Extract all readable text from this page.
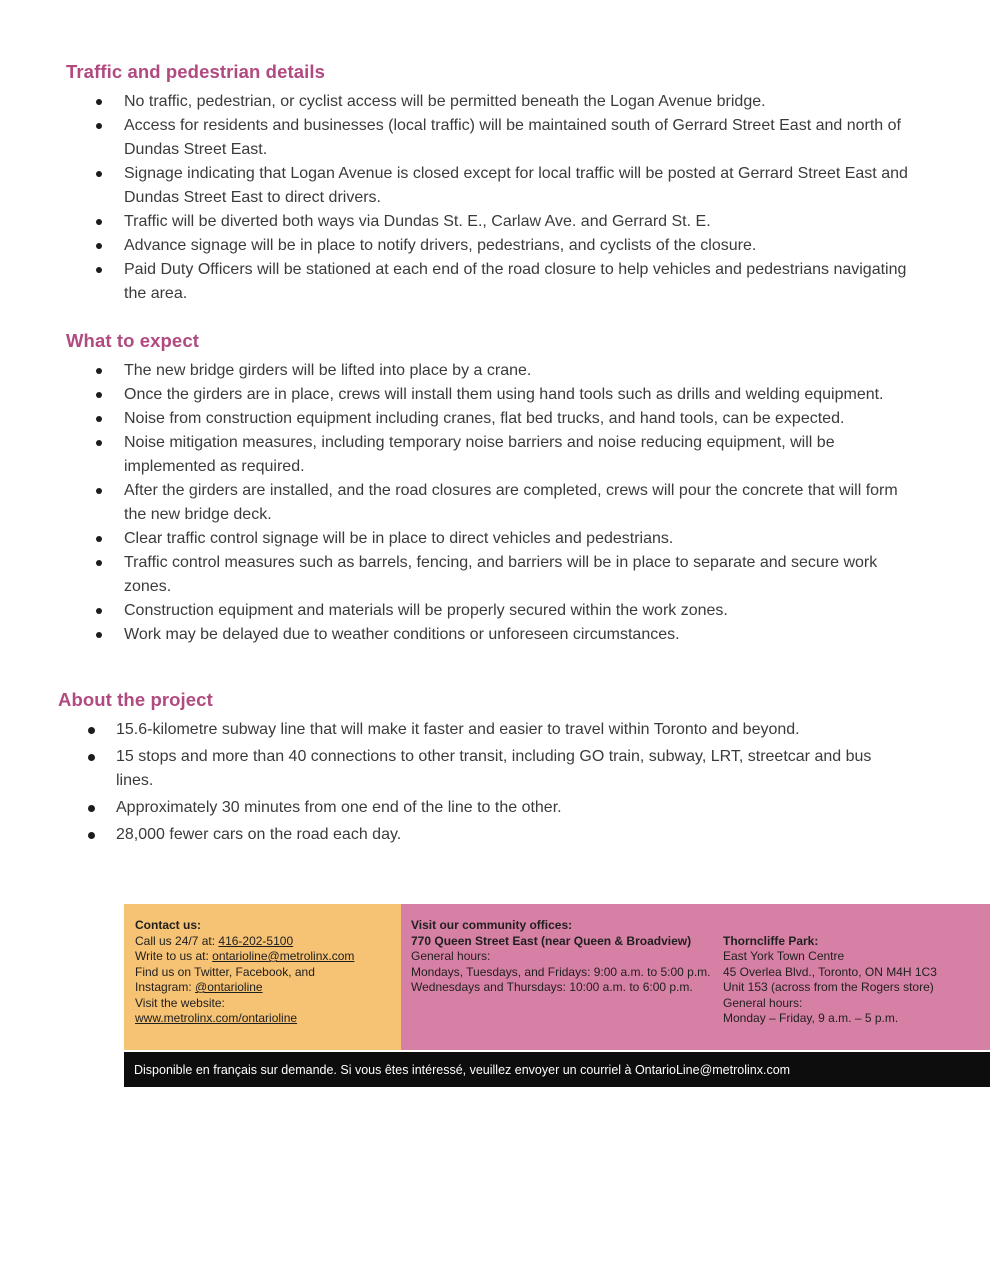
Traffic and pedestrian details
No traffic, pedestrian, or cyclist access will be permitted beneath the Logan Avenue bridge.
Access for residents and businesses (local traffic) will be maintained south of Gerrard Street East and north of Dundas Street East.
Signage indicating that Logan Avenue is closed except for local traffic will be posted at Gerrard Street East and Dundas Street East to direct drivers.
Traffic will be diverted both ways via Dundas St. E., Carlaw Ave. and Gerrard St. E.
Advance signage will be in place to notify drivers, pedestrians, and cyclists of the closure.
Paid Duty Officers will be stationed at each end of the road closure to help vehicles and pedestrians navigating the area.
What to expect
The new bridge girders will be lifted into place by a crane.
Once the girders are in place, crews will install them using hand tools such as drills and welding equipment.
Noise from construction equipment including cranes, flat bed trucks, and hand tools, can be expected.
Noise mitigation measures, including temporary noise barriers and noise reducing equipment, will be implemented as required.
After the girders are installed, and the road closures are completed, crews will pour the concrete that will form the new bridge deck.
Clear traffic control signage will be in place to direct vehicles and pedestrians.
Traffic control measures such as barrels, fencing, and barriers will be in place to separate and secure work zones.
Construction equipment and materials will be properly secured within the work zones.
Work may be delayed due to weather conditions or unforeseen circumstances.
About the project
15.6-kilometre subway line that will make it faster and easier to travel within Toronto and beyond.
15 stops and more than 40 connections to other transit, including GO train, subway, LRT, streetcar and bus lines.
Approximately 30 minutes from one end of the line to the other.
28,000 fewer cars on the road each day.
Contact us:
Call us 24/7 at: 416-202-5100
Write to us at: ontarioline@metrolinx.com
Find us on Twitter, Facebook, and
Instagram: @ontarioline
Visit the website:
www.metrolinx.com/ontarioline
Visit our community offices:
770 Queen Street East (near Queen & Broadview)
General hours:
Mondays, Tuesdays, and Fridays: 9:00 a.m. to 5:00 p.m.
Wednesdays and Thursdays: 10:00 a.m. to 6:00 p.m.
Thorncliffe Park:
East York Town Centre
45 Overlea Blvd., Toronto, ON M4H 1C3
Unit 153 (across from the Rogers store)
General hours:
Monday – Friday, 9 a.m. – 5 p.m.
Disponible en français sur demande. Si vous êtes intéressé, veuillez envoyer un courriel à OntarioLine@metrolinx.com
